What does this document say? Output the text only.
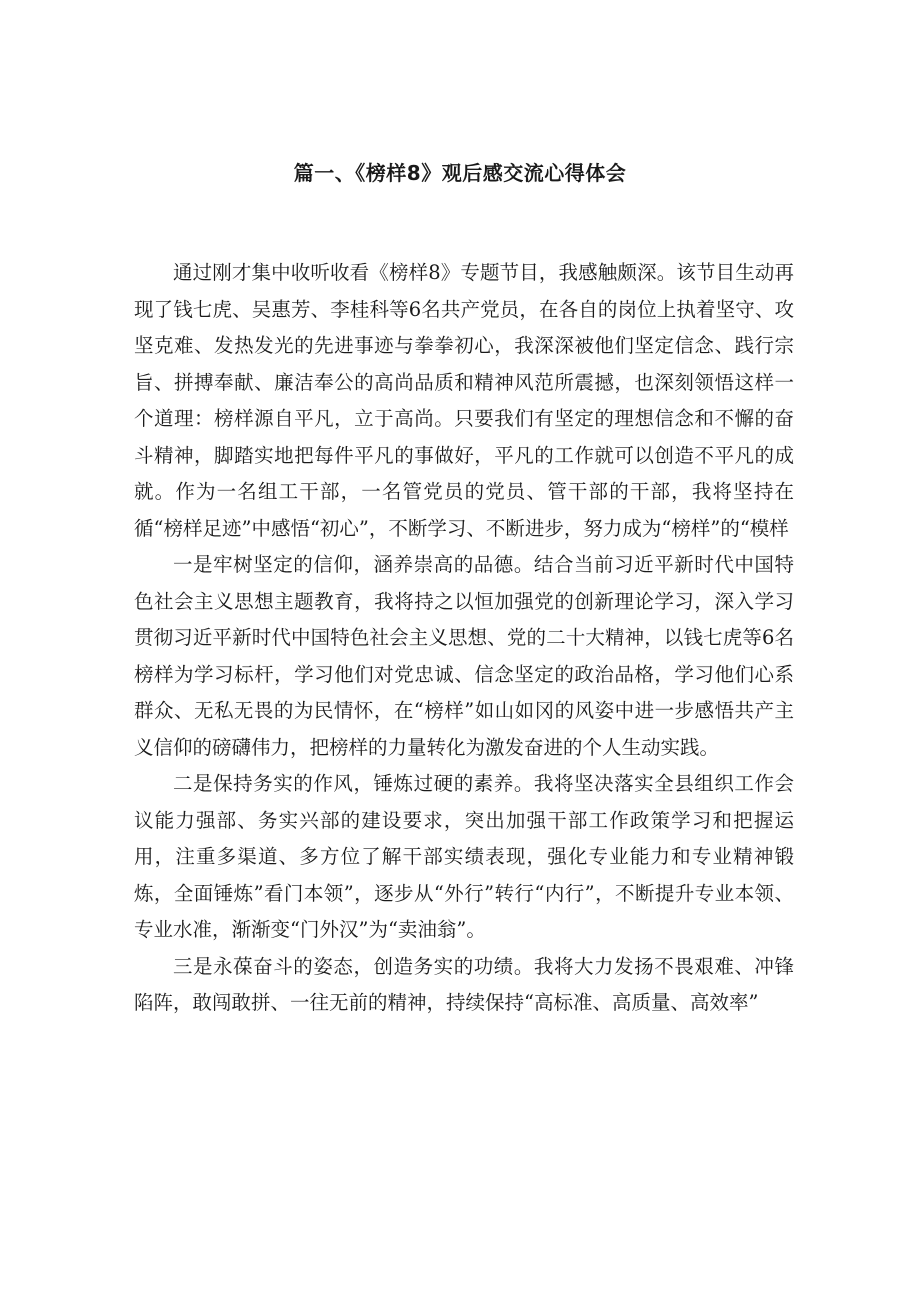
篇一、《榜样8》观后感交流心得体会

通过刚才集中收听收看《榜样8》专题节目，我感触颇深。该节目生动再现了钱七虎、吴惠芳、李桂科等6名共产党员，在各自的岗位上执着坚守、攻坚克难、发热发光的先进事迹与拳拳初心，我深深被他们坚定信念、践行宗旨、拼搏奉献、廉洁奉公的高尚品质和精神风范所震撼，也深刻领悟这样一个道理：榜样源自平凡，立于高尚。只要我们有坚定的理想信念和不懈的奋斗精神，脚踏实地把每件平凡的事做好，平凡的工作就可以创造不平凡的成就。作为一名组工干部，一名管党员的党员、管干部的干部，我将坚持在循“榜样足迹”中感悟“初心”，不断学习、不断进步，努力成为“榜样”的“模样

一是牢树坚定的信仰，涵养崇高的品德。结合当前习近平新时代中国特色社会主义思想主题教育，我将持之以恒加强党的创新理论学习，深入学习贯彻习近平新时代中国特色社会主义思想、党的二十大精神，以钱七虎等6名榜样为学习标杆，学习他们对党忠诚、信念坚定的政治品格，学习他们心系群众、无私无畏的为民情怀，在“榜样”如山如冈的风姿中进一步感悟共产主义信仰的磅礴伟力，把榜样的力量转化为激发奋进的个人生动实践。

二是保持务实的作风，锤炼过硬的素养。我将坚决落实全县组织工作会议能力强部、务实兴部的建设要求，突出加强干部工作政策学习和把握运用，注重多渠道、多方位了解干部实绩表现，强化专业能力和专业精神锻炼，全面锤炼”看门本领”，逐步从“外行”转行“内行”，不断提升专业本领、专业水准，渐渐变“门外汉”为“卖油翁”。

三是永葆奋斗的姿态，创造务实的功绩。我将大力发扬不畏艰难、冲锋陷阵，敢闯敢拼、一往无前的精神，持续保持“高标准、高质量、高效率”
